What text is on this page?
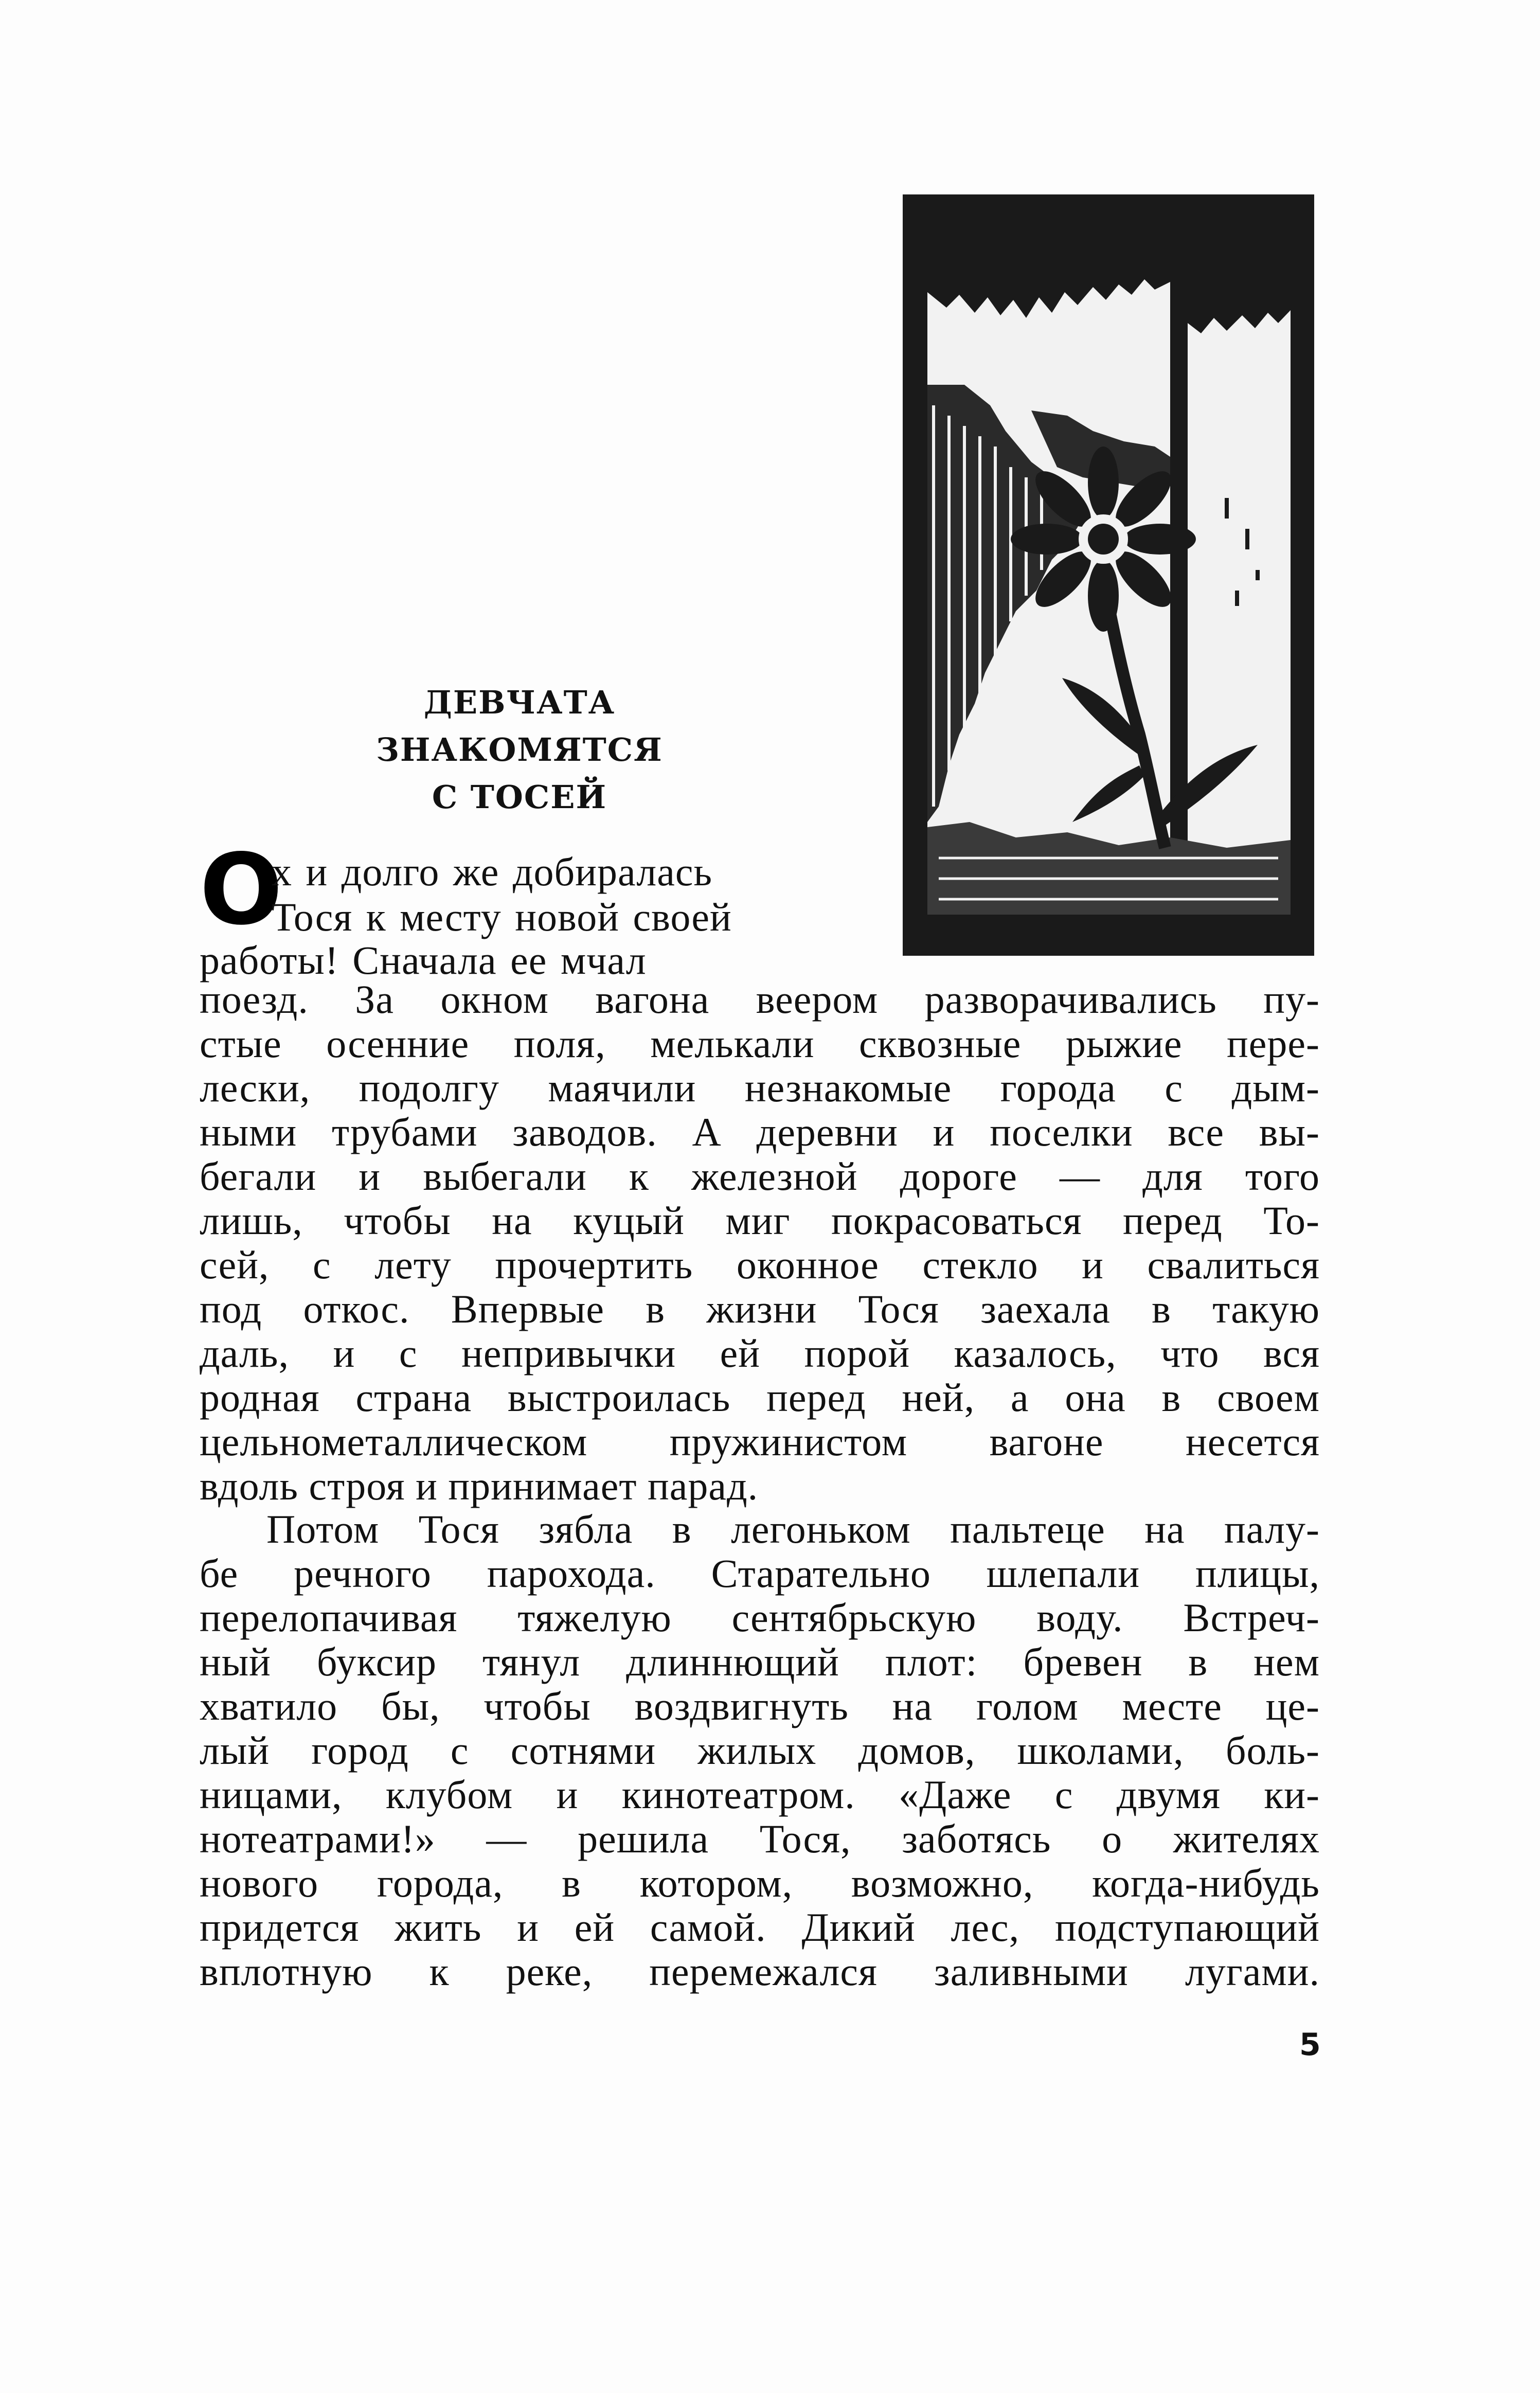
ДЕВЧАТА ЗНАКОМЯТСЯ
С ТОСЕЙ
О
х и долго же добиралась
Тося к месту новой своей
работы! Сначала ее мчал
поезд. За окном вагона веером разворачивались пу-
стые осенние поля, мелькали сквозные рыжие пере-
лески, подолгу маячили незнакомые города с дым-
ными трубами заводов. А деревни и поселки все вы-
бегали и выбегали к железной дороге — для того
лишь, чтобы на куцый миг покрасоваться перед То-
сей, с лету прочертить оконное стекло и свалиться
под откос. Впервые в жизни Тося заехала в такую
даль, и с непривычки ей порой казалось, что вся
родная страна выстроилась перед ней, а она в своем
цельнометаллическом пружинистом вагоне несется
вдоль строя и принимает парад.
Потом Тося зябла в легоньком пальтеце на палу-
бе речного парохода. Старательно шлепали плицы,
перелопачивая тяжелую сентябрьскую воду. Встреч-
ный буксир тянул длиннющий плот: бревен в нем
хватило бы, чтобы воздвигнуть на голом месте це-
лый город с сотнями жилых домов, школами, боль-
ницами, клубом и кинотеатром. «Даже с двумя ки-
нотеатрами!» — решила Тося, заботясь о жителях
нового города, в котором, возможно, когда-нибудь
придется жить и ей самой. Дикий лес, подступающий
вплотную к реке, перемежался заливными лугами.
5
